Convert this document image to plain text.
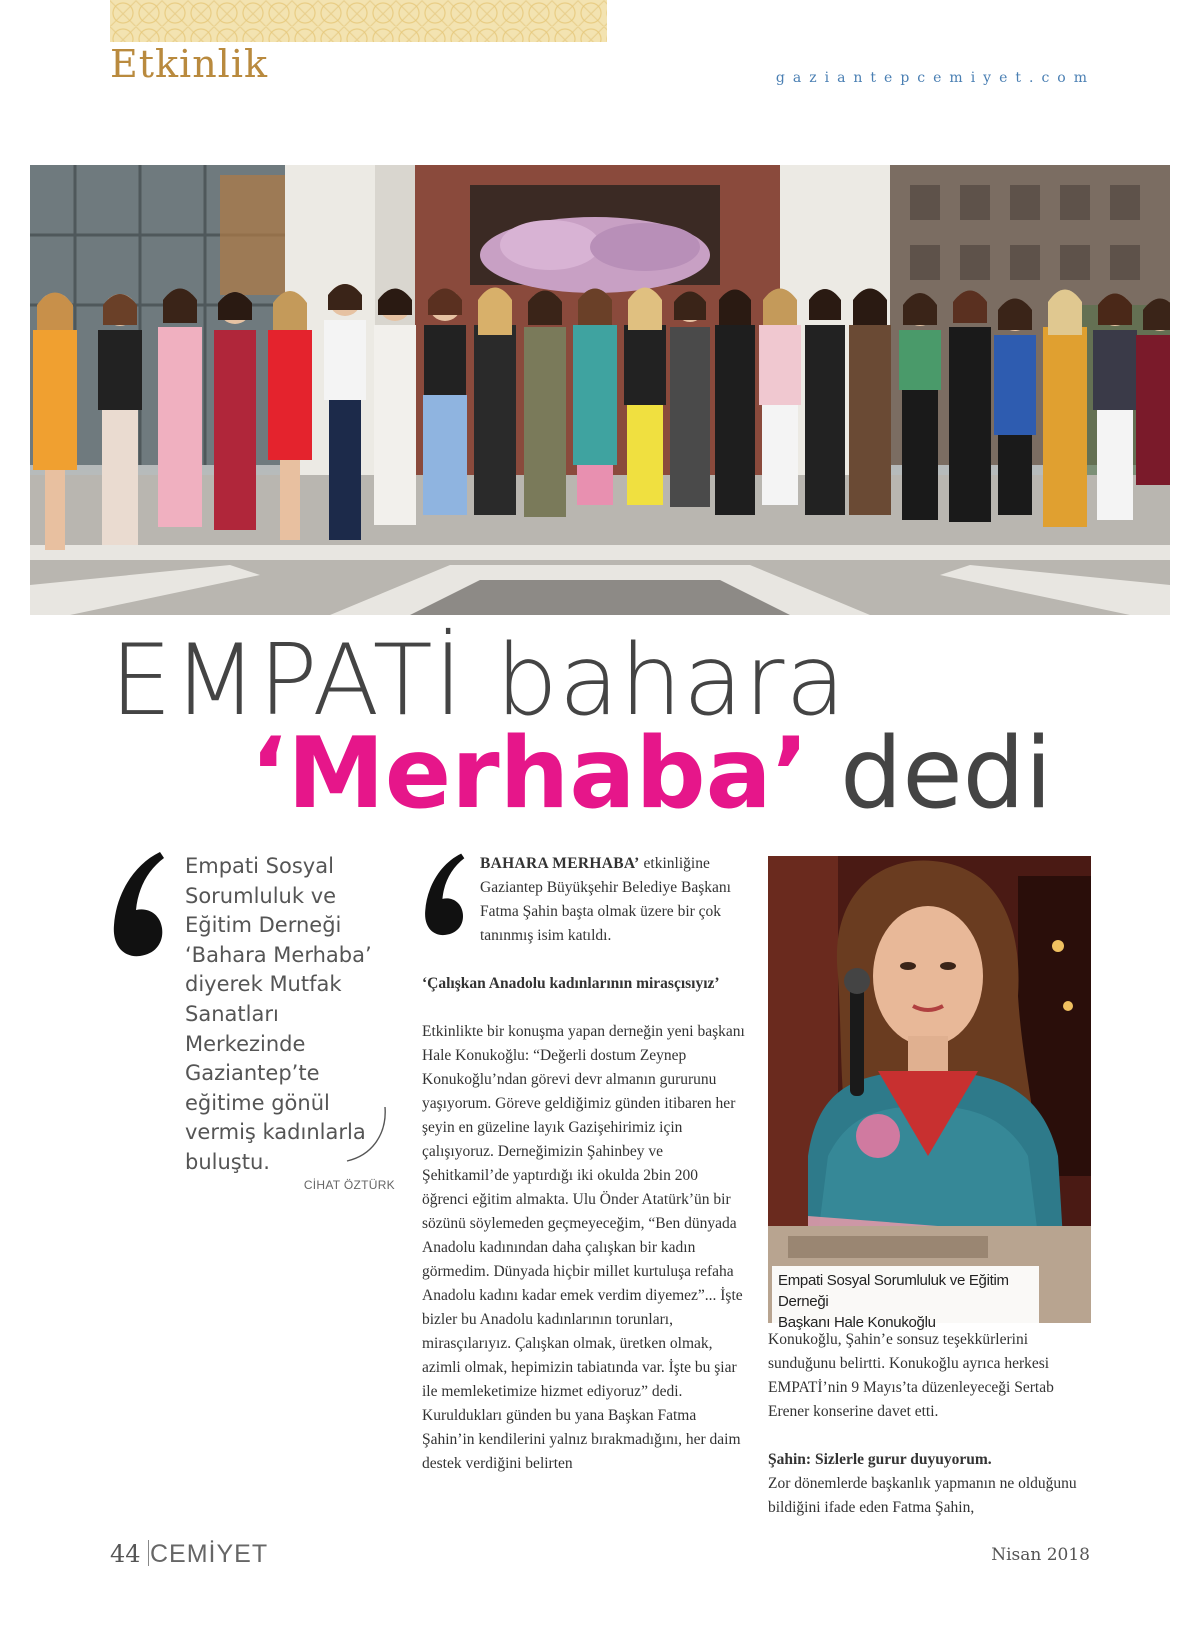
Etkinlik	gaziantepcemiyet.com
EMPATİ bahara
‘Merhaba’ dedi
Empati Sosyal Sorumluluk ve Eğitim Derneği ‘Bahara Merhaba’ diyerek Mutfak Sanatları Merkezinde Gaziantep’te eğitime gönül vermiş kadınlarla buluştu.
CİHAT ÖZTÜRK
BAHARA MERHABA’ etkinliğine Gaziantep Büyükşehir Belediye Başkanı Fatma Şahin başta olmak üzere bir çok tanınmış isim katıldı.
‘Çalışkan Anadolu kadınlarının mirasçısıyız’

Etkinlikte bir konuşma yapan derneğin yeni başkanı Hale Konukoğlu: “Değerli dostum Zeynep Konukoğlu’ndan görevi devr almanın gururunu yaşıyorum. Göreve geldiğimiz günden itibaren her şeyin en güzeline layık Gazişehirimiz için çalışıyoruz. Derneğimizin Şahinbey ve Şehitkamil’de yaptırdığı iki okulda 2bin 200 öğrenci eğitim almakta. Ulu Önder Atatürk’ün bir sözünü söylemeden geçmeyeceğim, “Ben dünyada Anadolu kadınından daha çalışkan bir kadın görmedim. Dünyada hiçbir millet kurtuluşa refaha Anadolu kadını kadar emek verdim diyemez”... İşte bizler bu Anadolu kadınlarının torunları, mirasçılarıyız. Çalışkan olmak, üretken olmak, azimli olmak, hepimizin tabiatında var. İşte bu şiar ile memleketimize hizmet ediyoruz” dedi.

Kuruldukları günden bu yana Başkan Fatma Şahin’in kendilerini yalnız bırakmadığını, her daim destek verdiğini belirten

Empati Sosyal Sorumluluk ve Eğitim Derneği
Başkanı Hale Konukoğlu

Konukoğlu, Şahin’e sonsuz teşekkürlerini sunduğunu belirtti. Konukoğlu ayrıca herkesi EMPATİ’nin 9 Mayıs’ta düzenleyeceği Sertab Erener konserine davet etti.

Şahin: Sizlerle gurur duyuyorum.

Zor dönemlerde başkanlık yapmanın ne olduğunu bildiğini ifade eden Fatma Şahin,

44 CEMİYET	Nisan 2018
